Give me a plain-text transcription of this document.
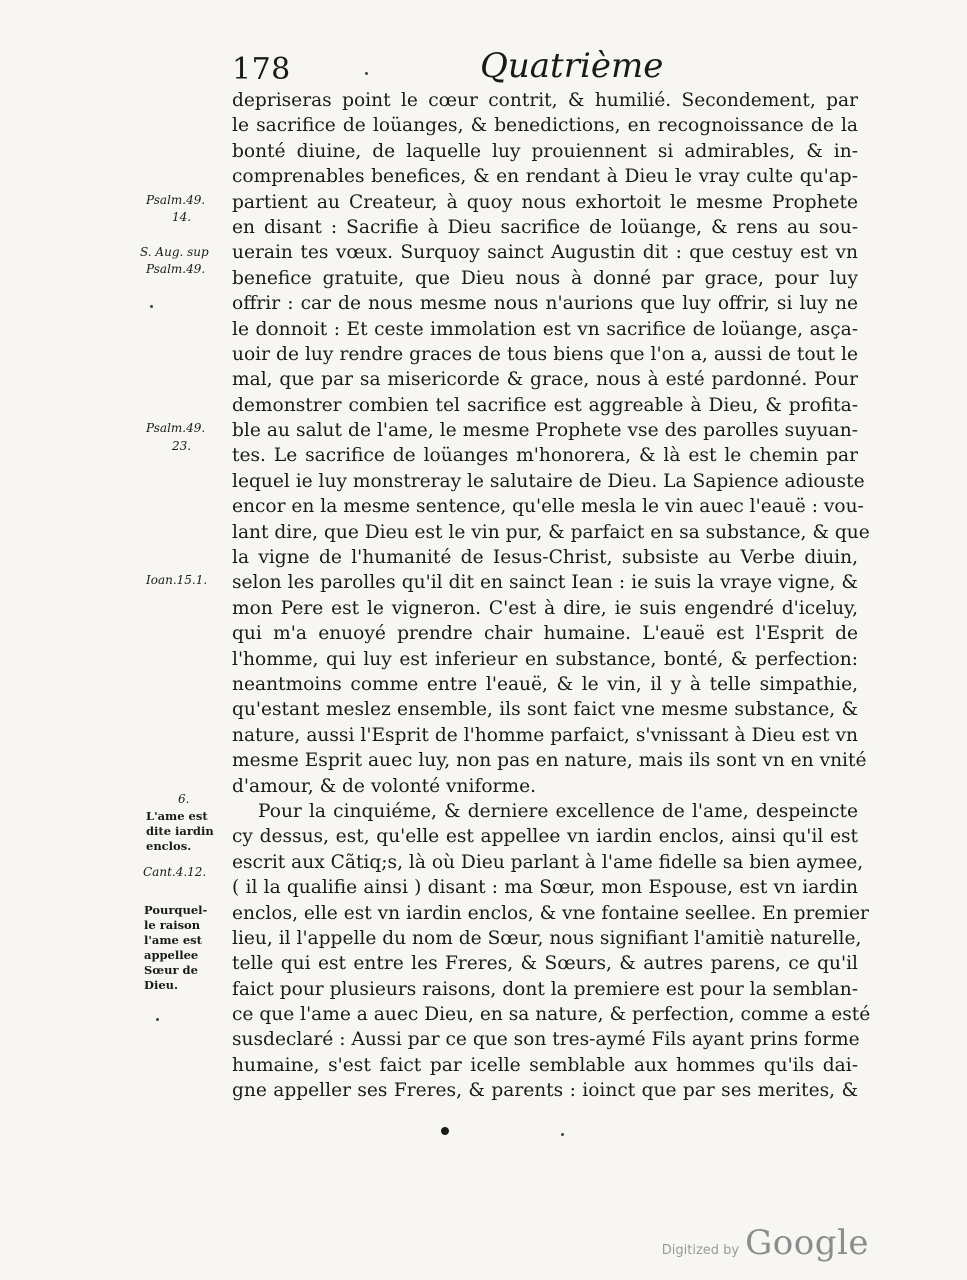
178	Quatrième
depriseras point le cœur contrit, & humilié. Secondement, par
le sacrifice de loüanges, & benedictions, en recognoissance de la
bonté diuine, de laquelle luy prouiennent si admirables, & in-
comprenables benefices, & en rendant à Dieu le vray culte qu'ap-
partient au Createur, à quoy nous exhortoit le mesme Prophete
en disant : Sacrifie à Dieu sacrifice de loüange, & rens au sou-
uerain tes vœux. Surquoy sainct Augustin dit : que cestuy est vn
benefice gratuite, que Dieu nous à donné par grace, pour luy
offrir : car de nous mesme nous n'aurions que luy offrir, si luy ne
le donnoit : Et ceste immolation est vn sacrifice de loüange, asça-
uoir de luy rendre graces de tous biens que l'on a, aussi de tout le
mal, que par sa misericorde & grace, nous à esté pardonné. Pour
demonstrer combien tel sacrifice est aggreable à Dieu, & profita-
ble au salut de l'ame, le mesme Prophete vse des parolles suyuan-
tes. Le sacrifice de loüanges m'honorera, & là est le chemin par
lequel ie luy monstreray le salutaire de Dieu. La Sapience adiouste
encor en la mesme sentence, qu'elle mesla le vin auec l'eauë : vou-
lant dire, que Dieu est le vin pur, & parfaict en sa substance, & que
la vigne de l'humanité de Iesus-Christ, subsiste au Verbe diuin,
selon les parolles qu'il dit en sainct Iean : ie suis la vraye vigne, &
mon Pere est le vigneron. C'est à dire, ie suis engendré d'iceluy,
qui m'a enuoyé prendre chair humaine. L'eauë est l'Esprit de
l'homme, qui luy est inferieur en substance, bonté, & perfection:
neantmoins comme entre l'eauë, & le vin, il y à telle simpathie,
qu'estant meslez ensemble, ils sont faict vne mesme substance, &
nature, aussi l'Esprit de l'homme parfaict, s'vnissant à Dieu est vn
mesme Esprit auec luy, non pas en nature, mais ils sont vn en vnité
d'amour, & de volonté vniforme.
Pour la cinquiéme, & derniere excellence de l'ame, despeincte
cy dessus, est, qu'elle est appellee vn iardin enclos, ainsi qu'il est
escrit aux Cãtiq;s, là où Dieu parlant à l'ame fidelle sa bien aymee,
( il la qualifie ainsi ) disant : ma Sœur, mon Espouse, est vn iardin
enclos, elle est vn iardin enclos, & vne fontaine seellee. En premier
lieu, il l'appelle du nom de Sœur, nous signifiant l'amitiè naturelle,
telle qui est entre les Freres, & Sœurs, & autres parens, ce qu'il
faict pour plusieurs raisons, dont la premiere est pour la semblan-
ce que l'ame a auec Dieu, en sa nature, & perfection, comme a esté
susdeclaré : Aussi par ce que son tres-aymé Fils ayant prins forme
humaine, s'est faict par icelle semblable aux hommes qu'ils dai-
gne appeller ses Freres, & parents : ioinct que par ses merites, &
Psalm.49.
14.
S. Aug. sup
Psalm.49.
Psalm.49.
23.
Ioan.15.1.
6.
L'ame est
dite iardin
enclos.
Cant.4.12.
Pourquel-
le raison
l'ame est
appellee
Sœur de
Dieu.
Digitized by Google
